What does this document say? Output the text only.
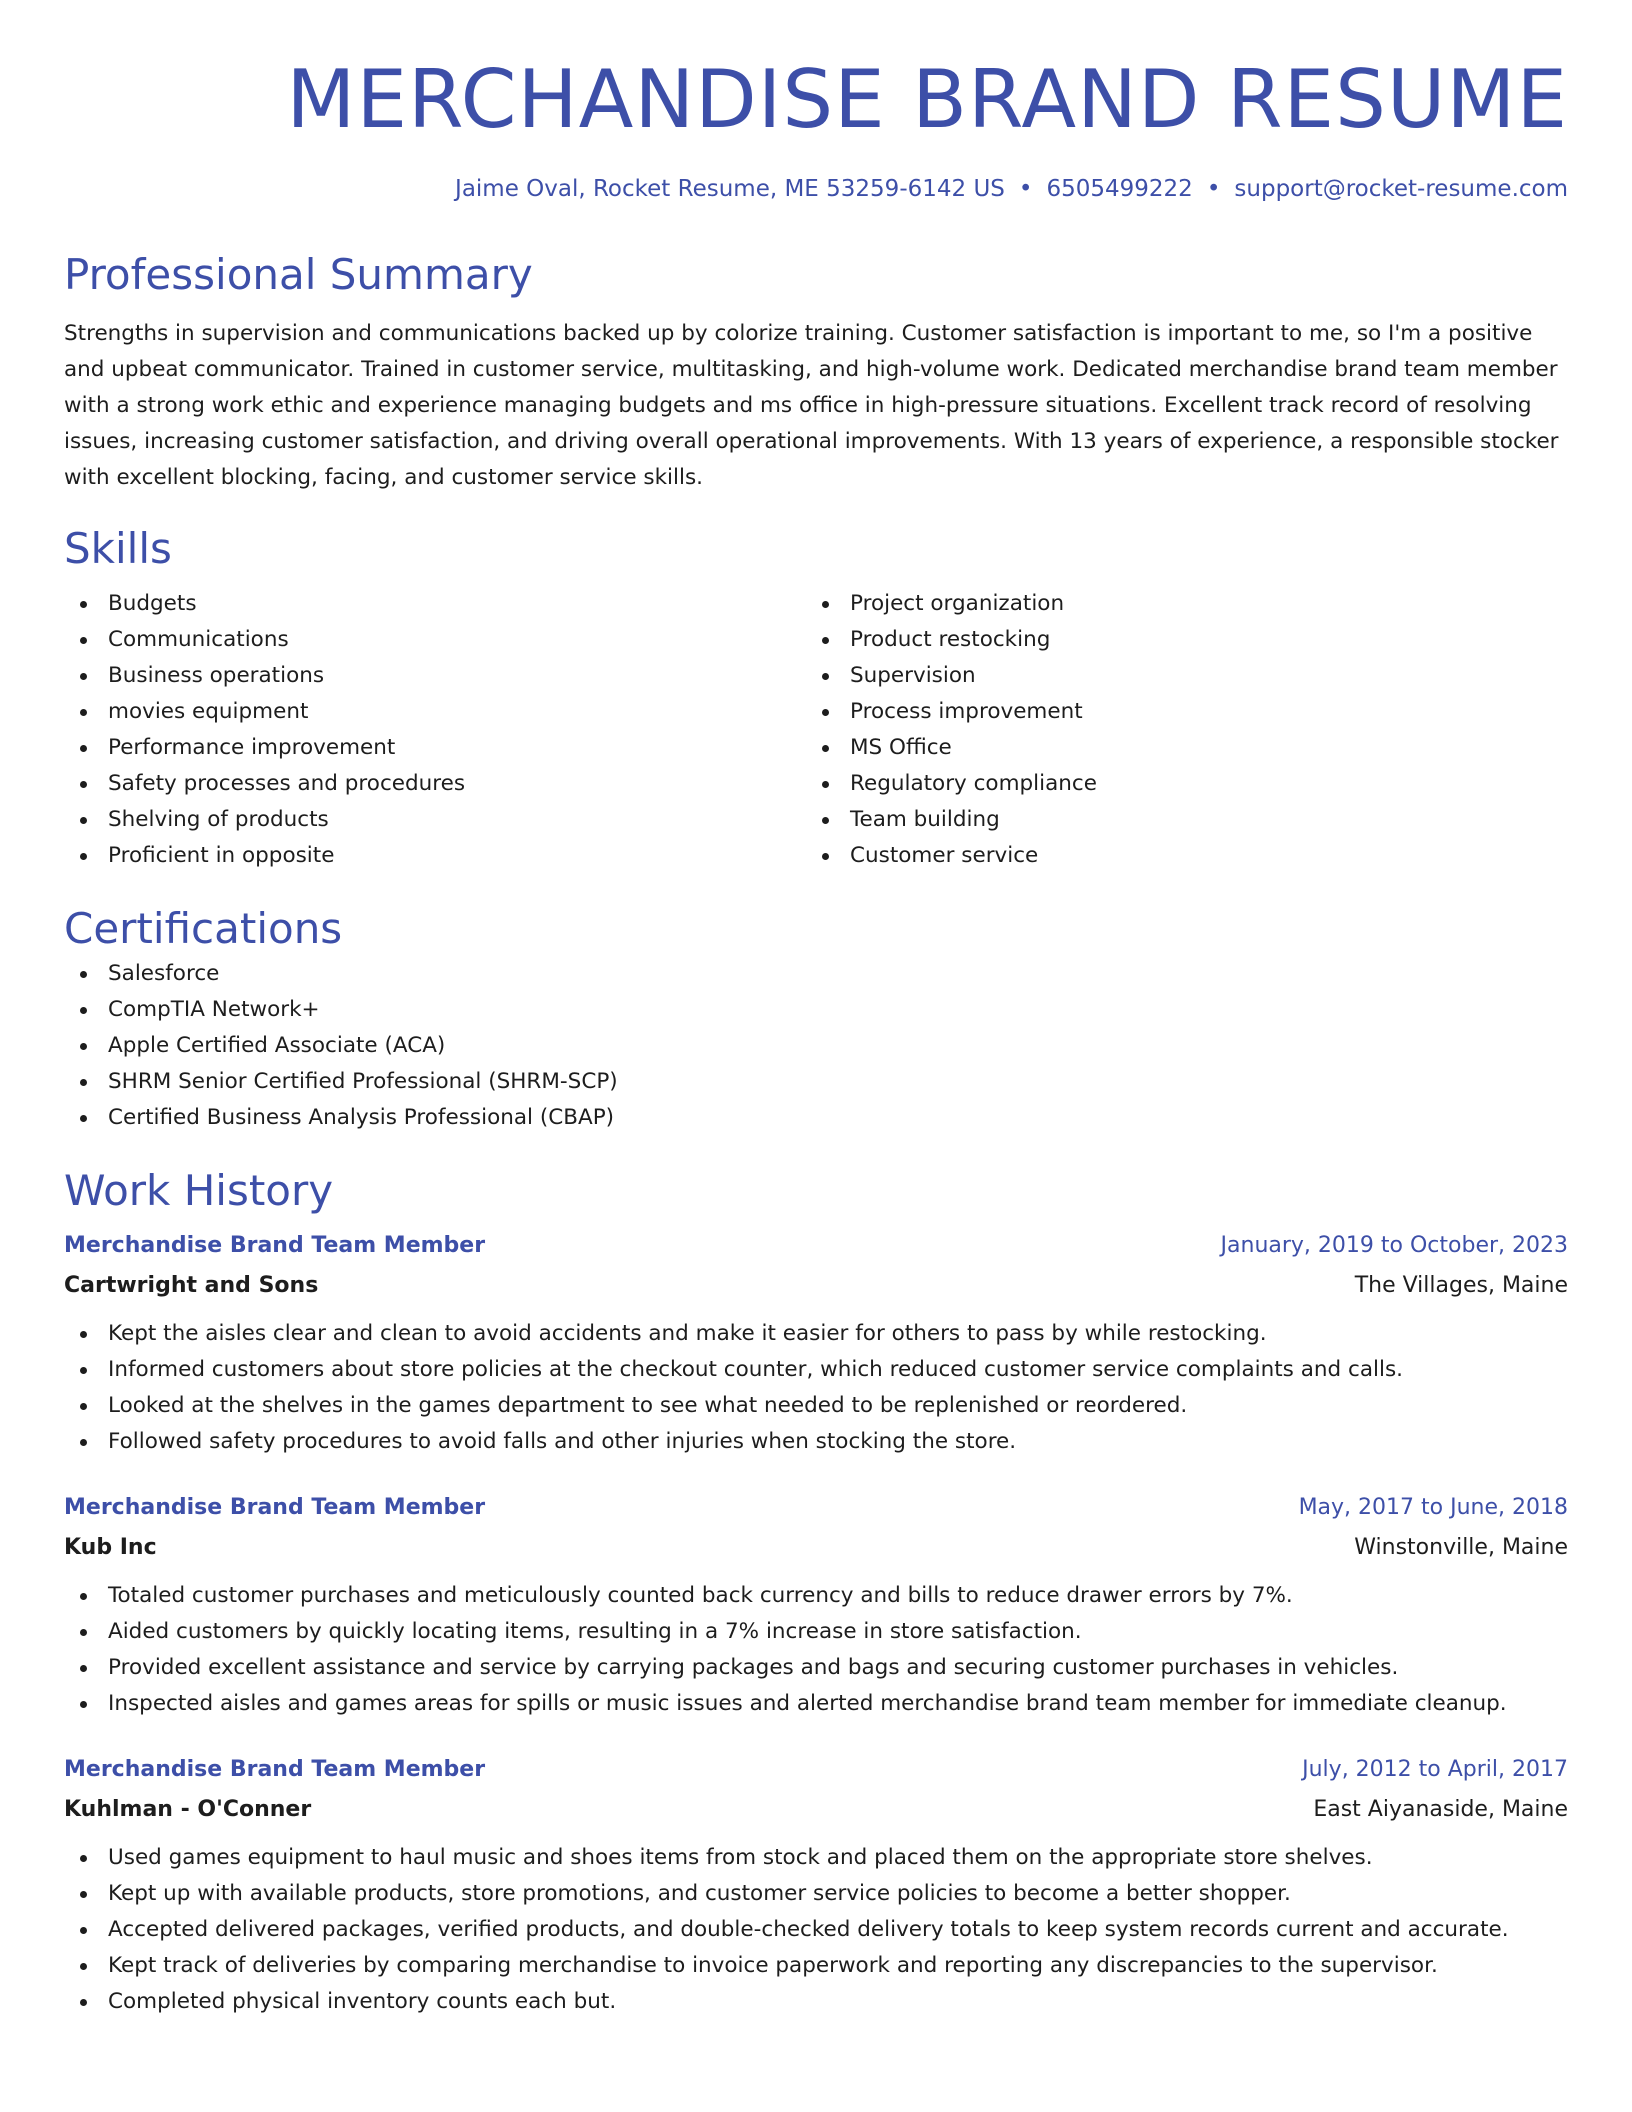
MERCHANDISE BRAND RESUME
Jaime Oval, Rocket Resume, ME 53259-6142 US • 6505499222 • support@rocket-resume.com
Professional Summary
Strengths in supervision and communications backed up by colorize training. Customer satisfaction is important to me, so I'm a positive and upbeat communicator. Trained in customer service, multitasking, and high-volume work. Dedicated merchandise brand team member with a strong work ethic and experience managing budgets and ms office in high-pressure situations. Excellent track record of resolving issues, increasing customer satisfaction, and driving overall operational improvements. With 13 years of experience, a responsible stocker with excellent blocking, facing, and customer service skills.
Skills
Budgets
Communications
Business operations
movies equipment
Performance improvement
Safety processes and procedures
Shelving of products
Proficient in opposite
Project organization
Product restocking
Supervision
Process improvement
MS Office
Regulatory compliance
Team building
Customer service
Certifications
Salesforce
CompTIA Network+
Apple Certified Associate (ACA)
SHRM Senior Certified Professional (SHRM-SCP)
Certified Business Analysis Professional (CBAP)
Work History
Merchandise Brand Team Member	January, 2019 to October, 2023
Cartwright and Sons	The Villages, Maine
Kept the aisles clear and clean to avoid accidents and make it easier for others to pass by while restocking.
Informed customers about store policies at the checkout counter, which reduced customer service complaints and calls.
Looked at the shelves in the games department to see what needed to be replenished or reordered.
Followed safety procedures to avoid falls and other injuries when stocking the store.
Merchandise Brand Team Member	May, 2017 to June, 2018
Kub Inc	Winstonville, Maine
Totaled customer purchases and meticulously counted back currency and bills to reduce drawer errors by 7%.
Aided customers by quickly locating items, resulting in a 7% increase in store satisfaction.
Provided excellent assistance and service by carrying packages and bags and securing customer purchases in vehicles.
Inspected aisles and games areas for spills or music issues and alerted merchandise brand team member for immediate cleanup.
Merchandise Brand Team Member	July, 2012 to April, 2017
Kuhlman - O'Conner	East Aiyanaside, Maine
Used games equipment to haul music and shoes items from stock and placed them on the appropriate store shelves.
Kept up with available products, store promotions, and customer service policies to become a better shopper.
Accepted delivered packages, verified products, and double-checked delivery totals to keep system records current and accurate.
Kept track of deliveries by comparing merchandise to invoice paperwork and reporting any discrepancies to the supervisor.
Completed physical inventory counts each but.
